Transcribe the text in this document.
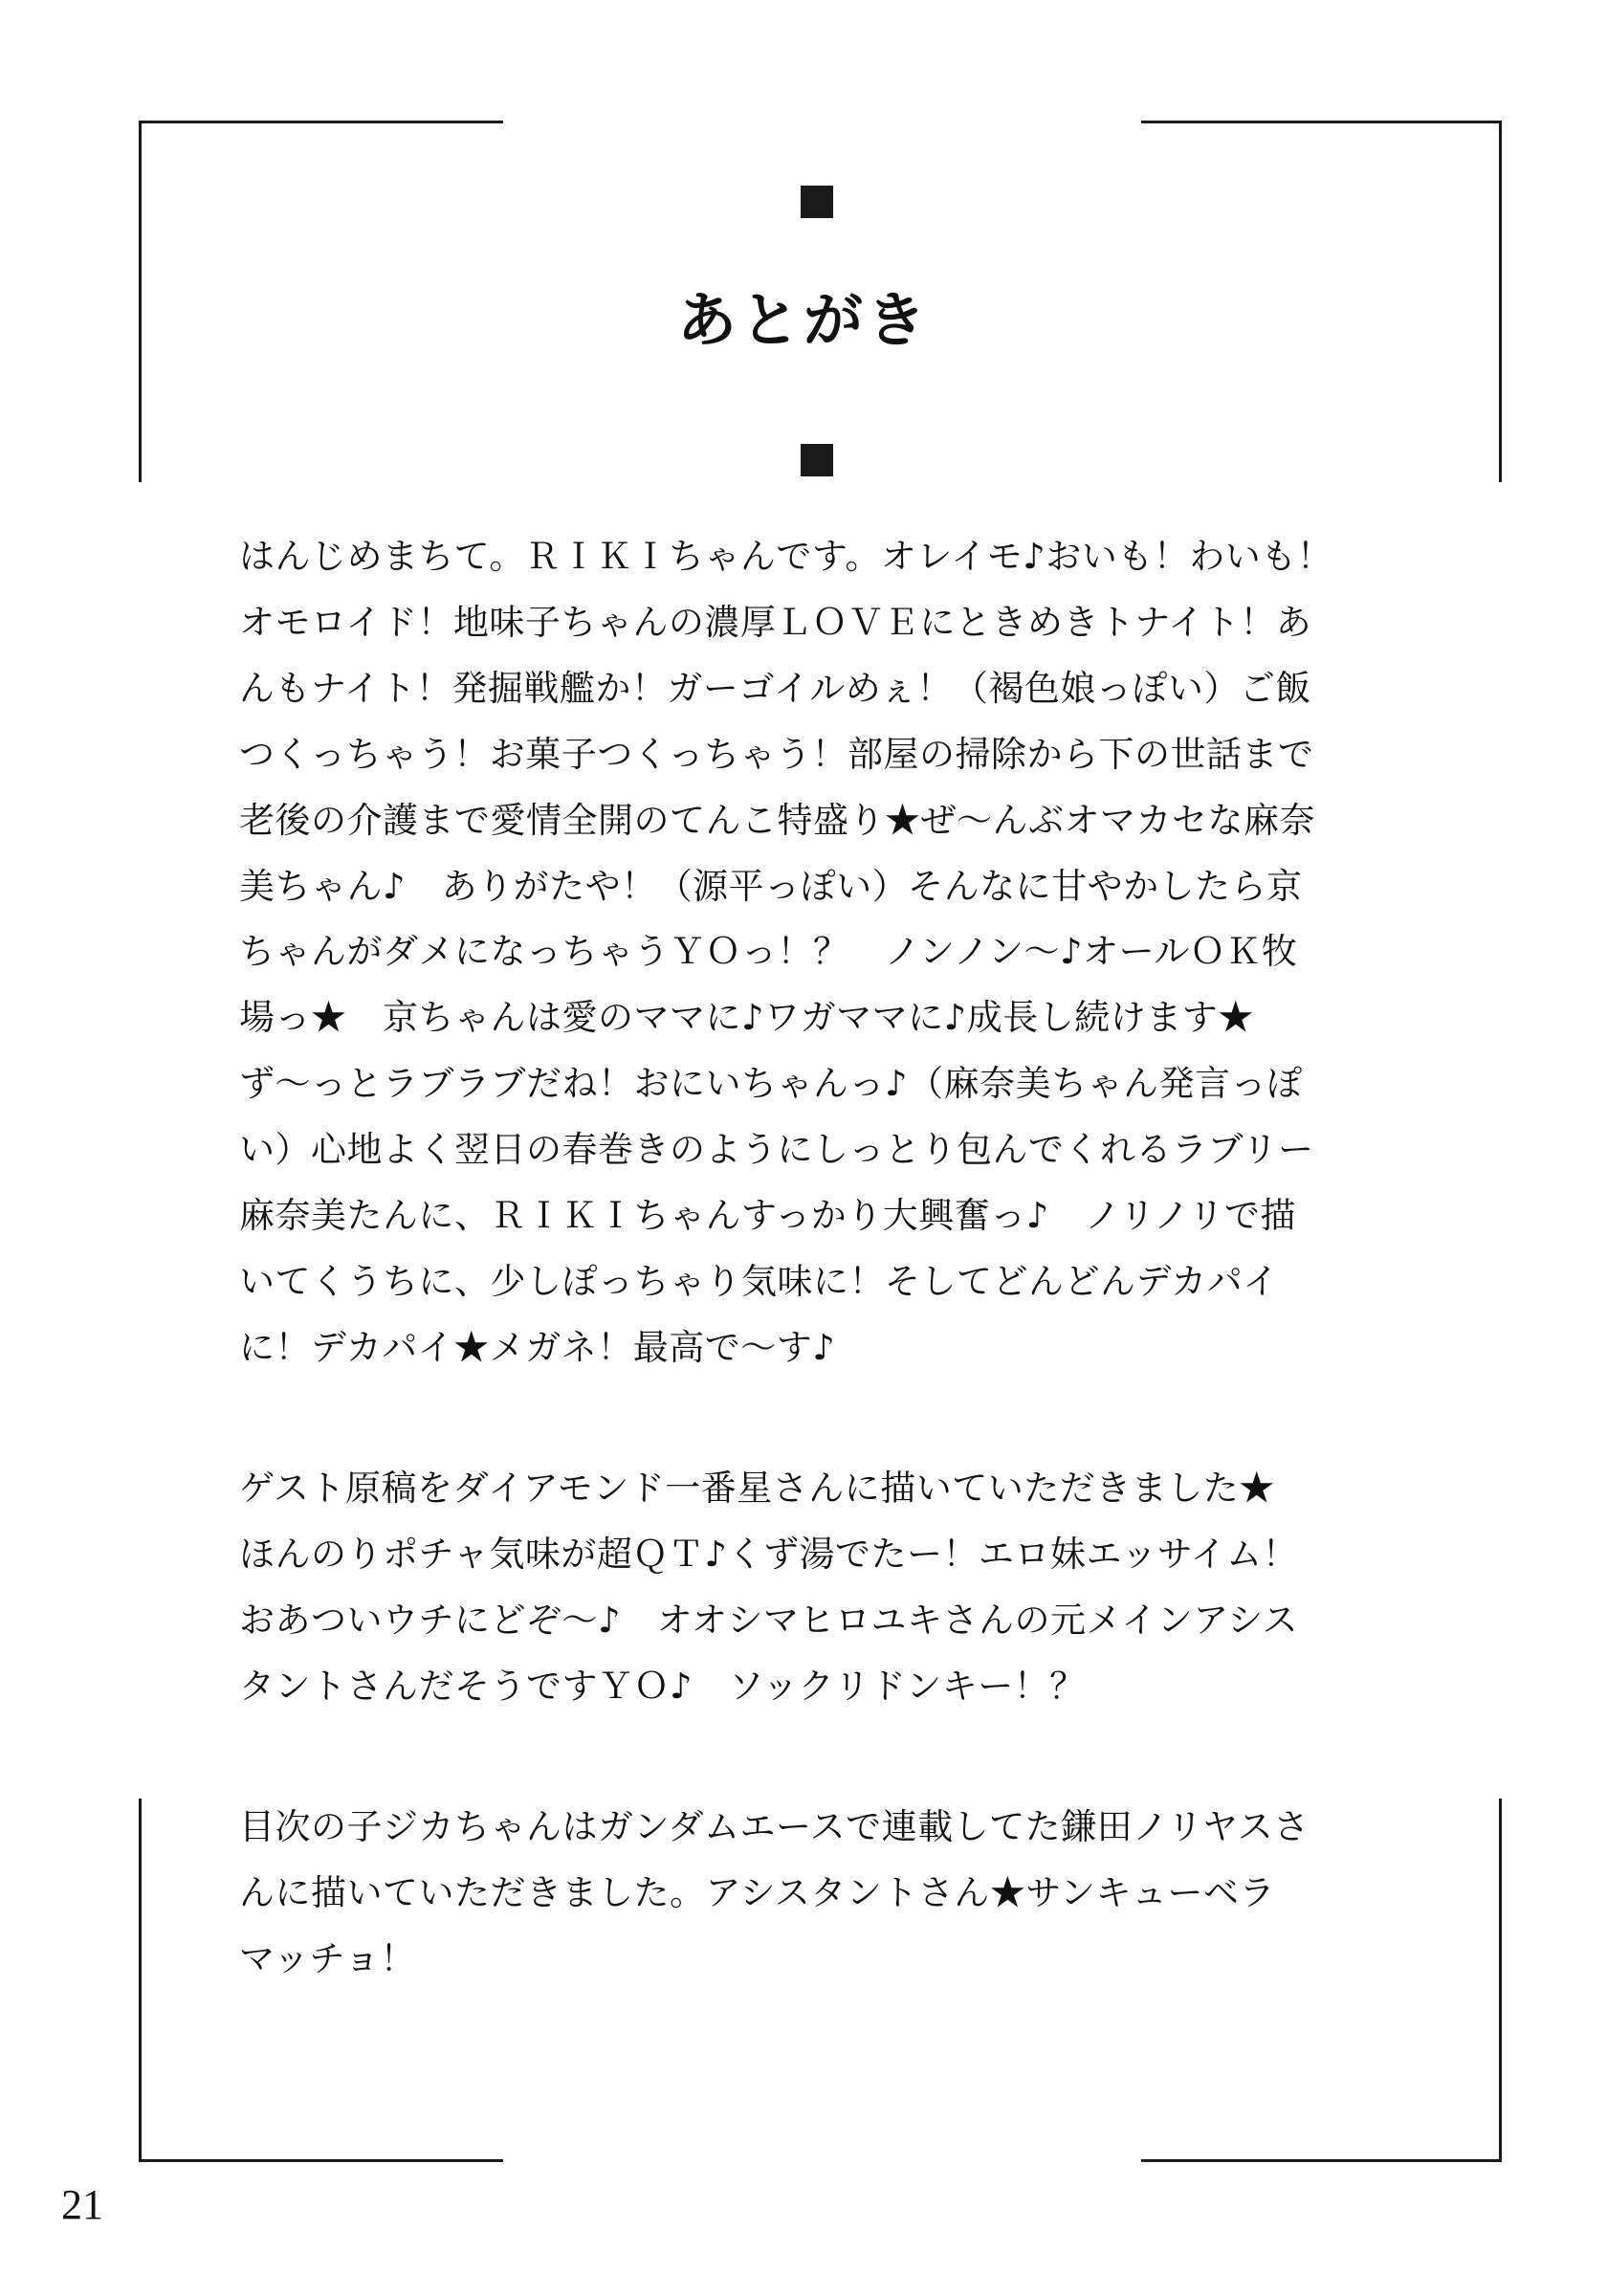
あとがき
はんじめまちて。ＲＩＫＩちゃんです。オレイモ♪おいも！わいも！
オモロイド！地味子ちゃんの濃厚ＬＯＶＥにときめきトナイト！あ
んもナイト！発掘戦艦か！ガーゴイルめぇ！（褐色娘っぽい）ご飯
つくっちゃう！お菓子つくっちゃう！部屋の掃除から下の世話まで
老後の介護まで愛情全開のてんこ特盛り★ぜ〜んぶオマカセな麻奈
美ちゃん♪　ありがたや！（源平っぽい）そんなに甘やかしたら京
ちゃんがダメになっちゃうＹＯっ！？　ノンノン〜♪オールＯＫ牧
場っ★　京ちゃんは愛のママに♪ワガママに♪成長し続けます★
ず〜っとラブラブだね！おにいちゃんっ♪（麻奈美ちゃん発言っぽ
い）心地よく翌日の春巻きのようにしっとり包んでくれるラブリー
麻奈美たんに、ＲＩＫＩちゃんすっかり大興奮っ♪　ノリノリで描
いてくうちに、少しぽっちゃり気味に！そしてどんどんデカパイ
に！デカパイ★メガネ！最高で〜す♪
ゲスト原稿をダイアモンド一番星さんに描いていただきました★
ほんのりポチャ気味が超ＱＴ♪くず湯でたー！エロ妹エッサイム！
おあついウチにどぞ〜♪　オオシマヒロユキさんの元メインアシス
タントさんだそうですＹＯ♪　ソックリドンキー！？
目次の子ジカちゃんはガンダムエースで連載してた鎌田ノリヤスさ
んに描いていただきました。アシスタントさん★サンキューベラ
マッチョ！
21
